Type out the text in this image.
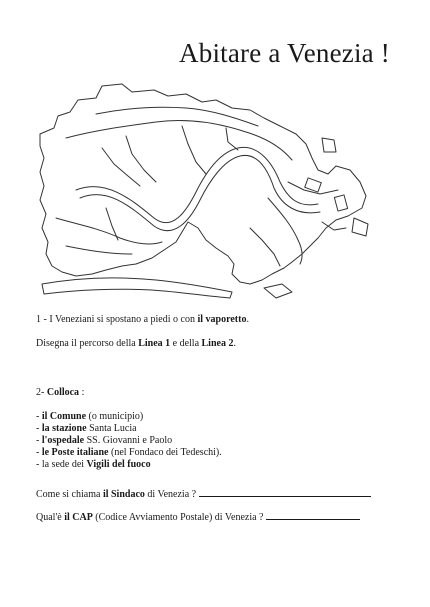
Abitare a Venezia !
1 - I Veneziani si spostano a piedi o con il vaporetto.
Disegna il percorso della Linea 1 e della Linea 2.
2- Colloca :
- il Comune (o municipio)
- la stazione Santa Lucia
- l'ospedale SS. Giovanni e Paolo
- le Poste italiane (nel Fondaco dei Tedeschi).
- la sede dei Vigili del fuoco
Come si chiama il Sindaco di Venezia ?
Qual'è il CAP (Codice Avviamento Postale) di Venezia ?
